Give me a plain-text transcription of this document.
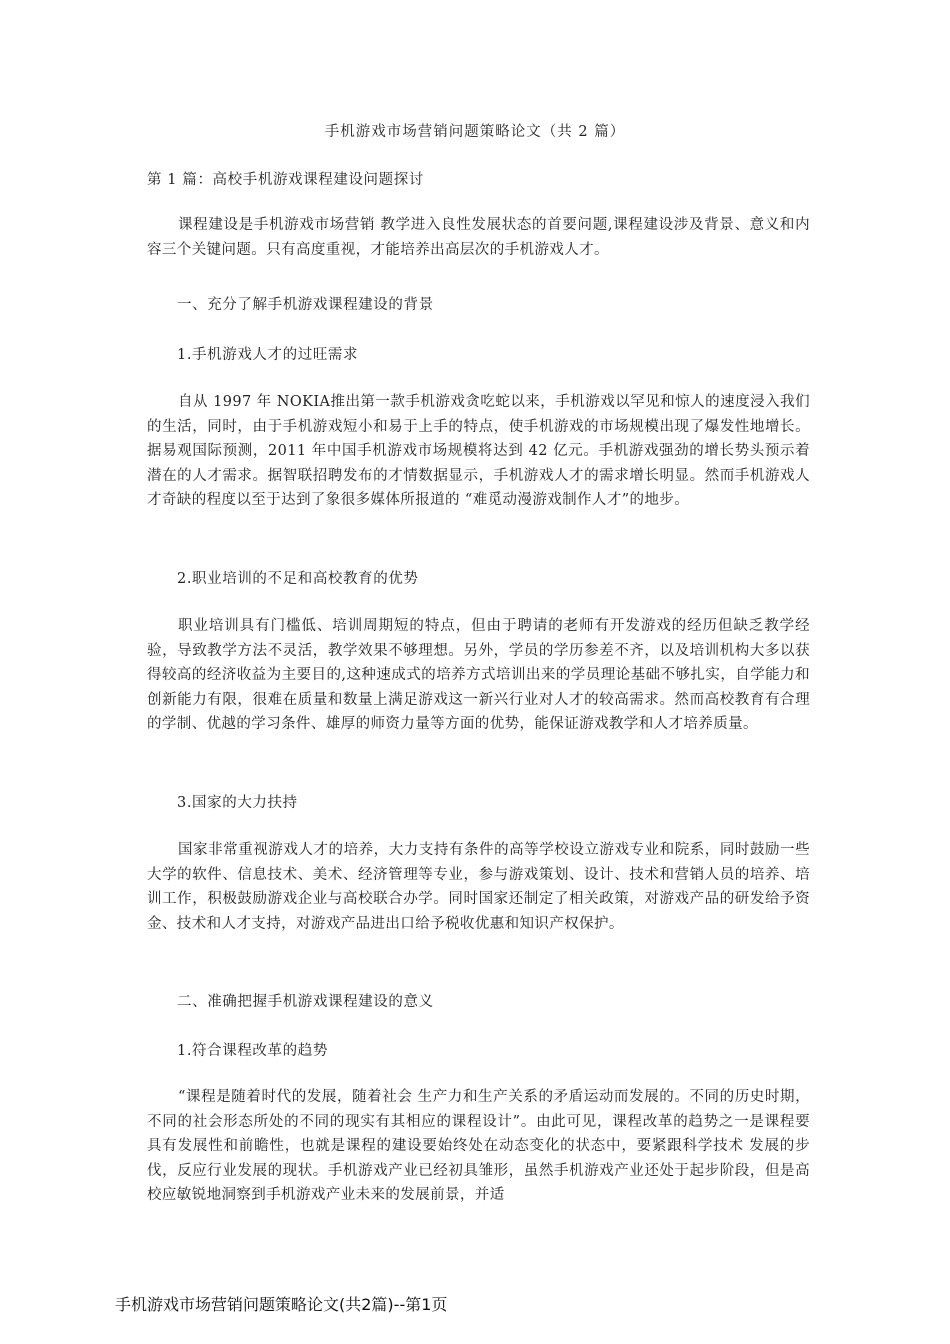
手机游戏市场营销问题策略论文（共 2 篇）
第 1 篇：高校手机游戏课程建设问题探讨
课程建设是手机游戏市场营销 教学进入良性发展状态的首要问题,课程建设涉及背景、意义和内容三个关键问题。只有高度重视，才能培养出高层次的手机游戏人才。
一、充分了解手机游戏课程建设的背景
1.手机游戏人才的过旺需求
自从 1997 年 NOKIA推出第一款手机游戏贪吃蛇以来，手机游戏以罕见和惊人的速度浸入我们的生活，同时，由于手机游戏短小和易于上手的特点，使手机游戏的市场规模出现了爆发性地增长。据易观国际预测，2011 年中国手机游戏市场规模将达到 42 亿元。手机游戏强劲的增长势头预示着潜在的人才需求。据智联招聘发布的才情数据显示，手机游戏人才的需求增长明显。然而手机游戏人才奇缺的程度以至于达到了象很多媒体所报道的 “难觅动漫游戏制作人才”的地步。
2.职业培训的不足和高校教育的优势
职业培训具有门槛低、培训周期短的特点，但由于聘请的老师有开发游戏的经历但缺乏教学经验，导致教学方法不灵活，教学效果不够理想。另外，学员的学历参差不齐，以及培训机构大多以获得较高的经济收益为主要目的,这种速成式的培养方式培训出来的学员理论基础不够扎实，自学能力和创新能力有限，很难在质量和数量上满足游戏这一新兴行业对人才的较高需求。然而高校教育有合理的学制、优越的学习条件、雄厚的师资力量等方面的优势，能保证游戏教学和人才培养质量。
3.国家的大力扶持
国家非常重视游戏人才的培养，大力支持有条件的高等学校设立游戏专业和院系，同时鼓励一些大学的软件、信息技术、美术、经济管理等专业，参与游戏策划、设计、技术和营销人员的培养、培训工作，积极鼓励游戏企业与高校联合办学。同时国家还制定了相关政策，对游戏产品的研发给予资金、技术和人才支持，对游戏产品进出口给予税收优惠和知识产权保护。
二、准确把握手机游戏课程建设的意义
1.符合课程改革的趋势
“课程是随着时代的发展，随着社会 生产力和生产关系的矛盾运动而发展的。不同的历史时期，不同的社会形态所处的不同的现实有其相应的课程设计”。由此可见，课程改革的趋势之一是课程要具有发展性和前瞻性，也就是课程的建设要始终处在动态变化的状态中，要紧跟科学技术 发展的步伐，反应行业发展的现状。手机游戏产业已经初具雏形，虽然手机游戏产业还处于起步阶段，但是高校应敏锐地洞察到手机游戏产业未来的发展前景，并适
手机游戏市场营销问题策略论文(共2篇)--第1页
